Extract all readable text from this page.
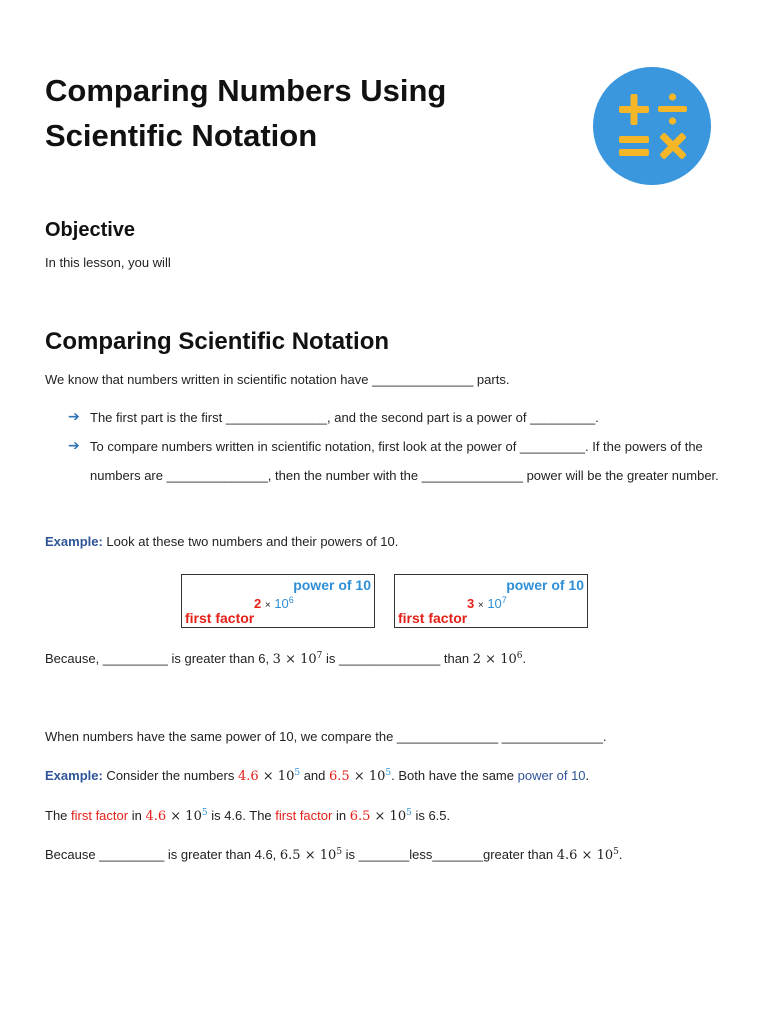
Comparing Numbers Using
Scientific Notation
Objective
In this lesson, you will
Comparing Scientific Notation
We know that numbers written in scientific notation have ______________ parts.
➔ The first part is the first ______________, and the second part is a power of _________.
➔ To compare numbers written in scientific notation, first look at the power of _________. If the powers of the numbers are ______________, then the number with the ______________ power will be the greater number.
Example: Look at these two numbers and their powers of 10.
power of 10
$2 \times 10^6$
first factor
power of 10
$3 \times 10^7$
first factor
Because, _________ is greater than 6, $3 \times 10^7$ is ______________ than $2 \times 10^6$.
When numbers have the same power of 10, we compare the ______________ ______________.
Example: Consider the numbers $4.6 \times 10^5$ and $6.5 \times 10^5$. Both have the same power of 10.
The first factor in $4.6 \times 10^5$ is 4.6. The first factor in $6.5 \times 10^5$ is 6.5.
Because _________ is greater than 4.6, $6.5 \times 10^5$ is _______less_______greater than $4.6 \times 10^5$.
